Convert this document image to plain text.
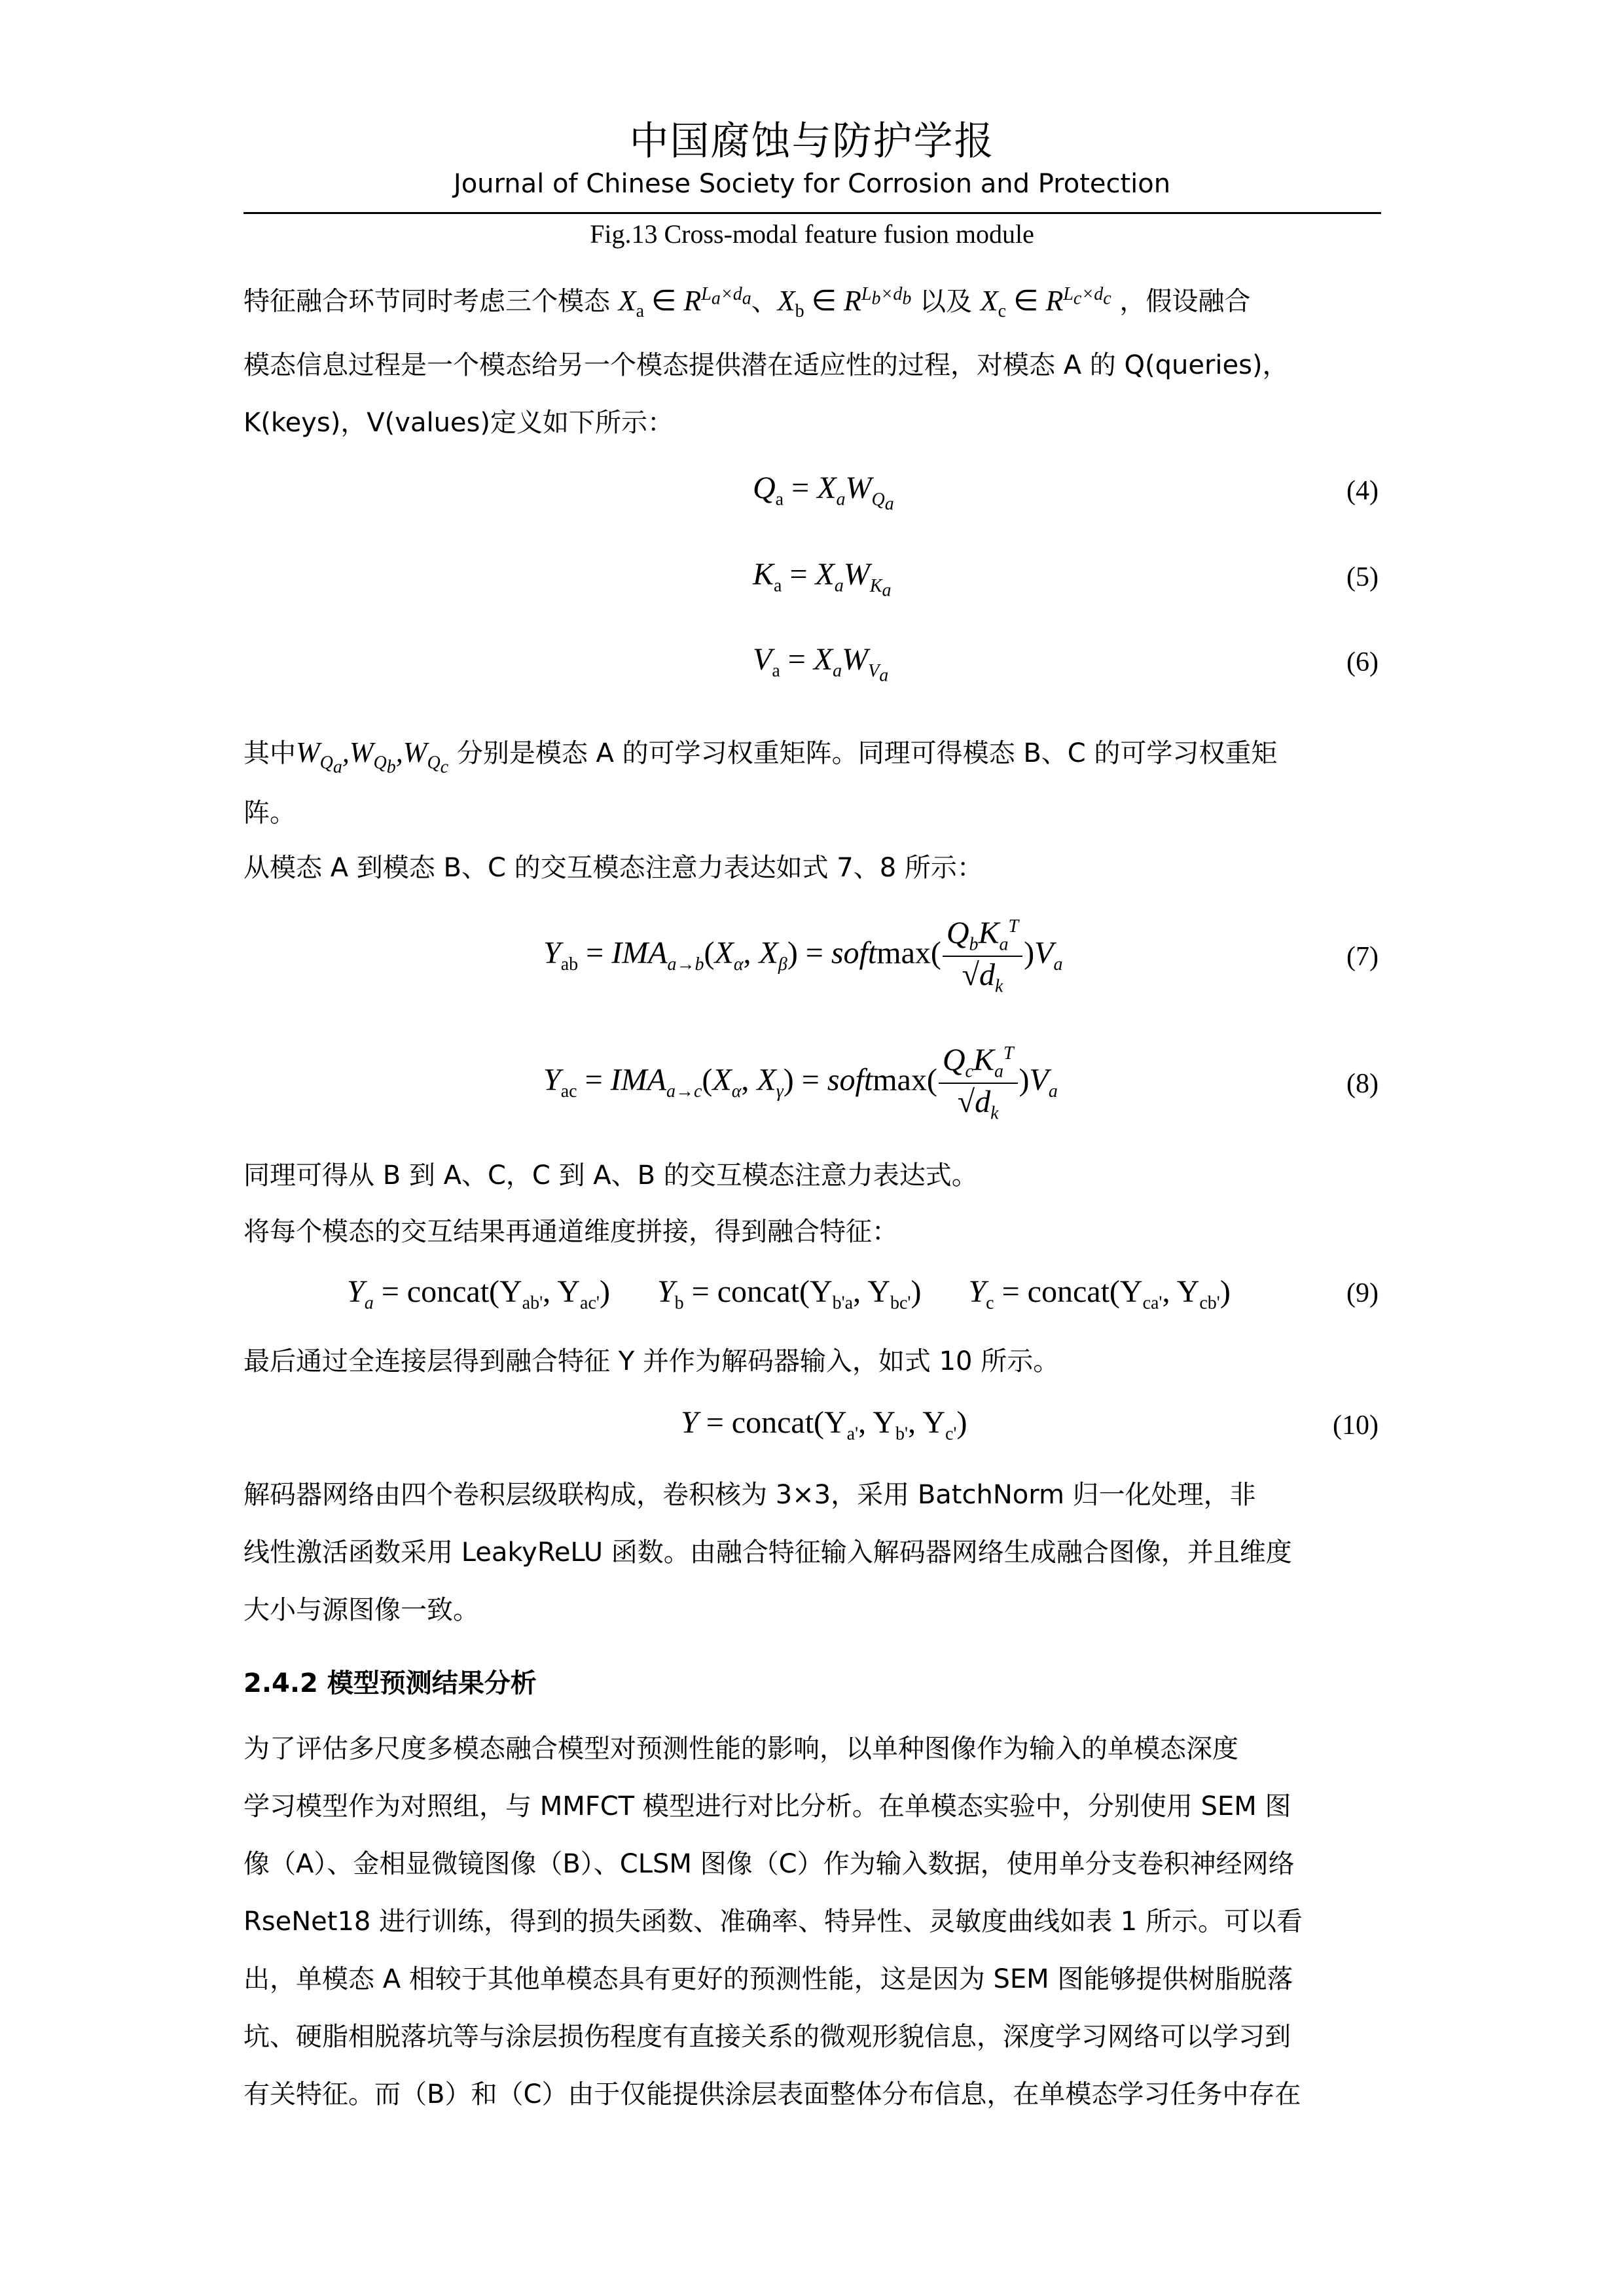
中国腐蚀与防护学报
Journal of Chinese Society for Corrosion and Protection
Fig.13 Cross-modal feature fusion module
特征融合环节同时考虑三个模态 $X_a$ ∈ $R^{L_a\times d_a}$、$X_b$ ∈ $R^{L_b\times d_b}$ 以及 $X_c$ ∈ $R^{L_c\times d_c}$ ，假设融合
模态信息过程是一个模态给另一个模态提供潜在适应性的过程，对模态 A 的 Q(queries)，
K(keys)，V(values)定义如下所示：
$Q_a = X_aW_{Q_a}$	(4)
$K_a = X_aW_{K_a}$	(5)
$V_a = X_aW_{V_a}$	(6)
其中$W_{Q_a},W_{Q_b},W_{Q_c}$ 分别是模态 A 的可学习权重矩阵。同理可得模态 B、C 的可学习权重矩
阵。
从模态 A 到模态 B、C 的交互模态注意力表达如式 7、8 所示：
$Y_{ab} = IMA_{a\to b}(X_\alpha$, $X_\beta$) = softmax( $\frac{Q_bK_a^T}{√d_k} )V_a$	(7)
$Y_{ac} = IMA_{a\to c}(X_\alpha$, $X_\gamma$) = softmax( $\frac{Q_cK_a^T}{√d_k} )V_a$	(8)
同理可得从 B 到 A、C，C 到 A、B 的交互模态注意力表达式。
将每个模态的交互结果再通道维度拼接，得到融合特征：
$Y_a$ = $concat(Y_{ab'}$, $Y_{ac'}$)      $Y_b$ = $concat(Y_{b'a}$, $Y_{bc'}$)      $Y_c$ = $concat(Y_{ca'}$, $Y_{cb'}$)	(9)
最后通过全连接层得到融合特征 Y 并作为解码器输入，如式 10 所示。
$Y = concat(Y_{a'}$, $Y_{b'}$, $Y_{c'}$)	(10)
解码器网络由四个卷积层级联构成，卷积核为 3×3，采用 BatchNorm 归一化处理，非
线性激活函数采用 LeakyReLU 函数。由融合特征输入解码器网络生成融合图像，并且维度
大小与源图像一致。
2.4.2 模型预测结果分析
为了评估多尺度多模态融合模型对预测性能的影响，以单种图像作为输入的单模态深度
学习模型作为对照组，与 MMFCT 模型进行对比分析。在单模态实验中，分别使用 SEM 图
像（A）、金相显微镜图像（B）、CLSM 图像（C）作为输入数据，使用单分支卷积神经网络
RseNet18 进行训练，得到的损失函数、准确率、特异性、灵敏度曲线如表 1 所示。可以看
出，单模态 A 相较于其他单模态具有更好的预测性能，这是因为 SEM 图能够提供树脂脱落
坑、硬脂相脱落坑等与涂层损伤程度有直接关系的微观形貌信息，深度学习网络可以学习到
有关特征。而（B）和（C）由于仅能提供涂层表面整体分布信息，在单模态学习任务中存在
